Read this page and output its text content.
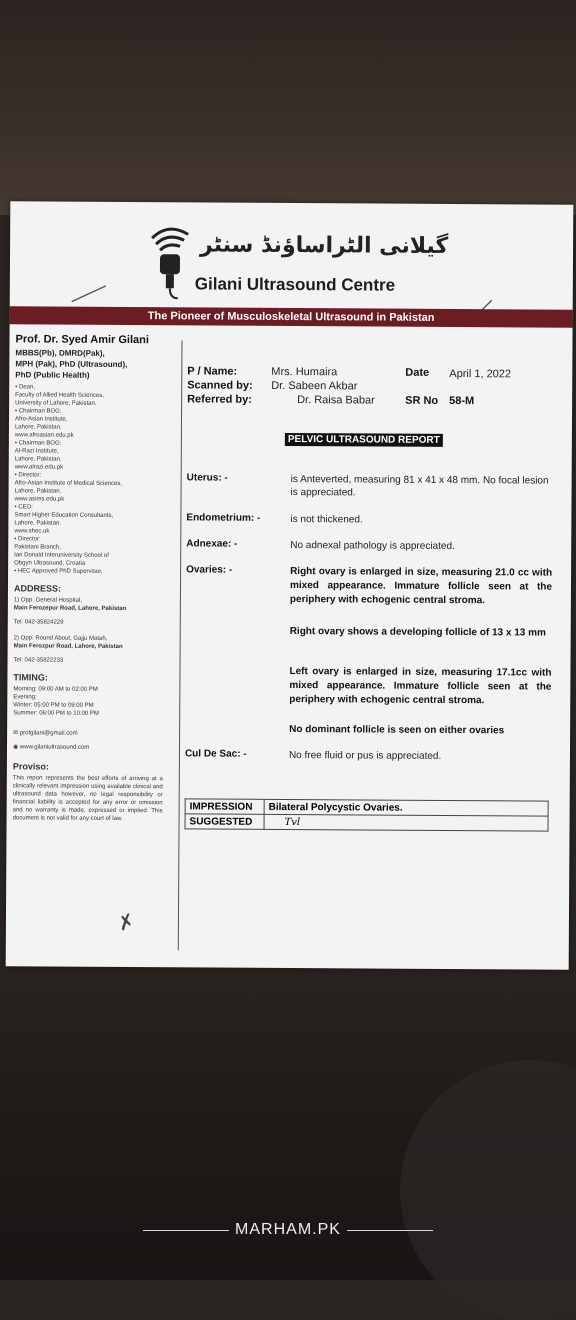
گیلانی الٹراساؤنڈ سنٹر
Gilani Ultrasound Centre
The Pioneer of Musculoskeletal Ultrasound in Pakistan
Prof. Dr. Syed Amir Gilani
MBBS(Pb), DMRD(Pak),
MPH (Pak), PhD (Ultrasound),
PhD (Public Health)
• Dean,
Faculty of Allied Health Sciences,
University of Lahore, Pakistan.
• Chairman BOG:
Afro-Asian Institute,
Lahore, Pakistan.
www.afroasian.edu.pk
• Chairman BOG:
Al-Razi Institute,
Lahore, Pakistan.
www.alrazi.edu.pk
• Director:
Afro-Asian Institute of Medical Sciences,
Lahore, Pakistan.
www.asims.edu.pk
• CEO:
Smart Higher Education Consultants,
Lahore, Pakistan.
www.shec.uk
• Director:
Pakistani Branch,
Ian Donald Interuniversity School of
Obgyn Ultrasound, Croatia
• HEC Approved PhD Supervisor.
ADDRESS:
1) Opp. General Hospital,
Main Ferozepur Road, Lahore, Pakistan
Tel: 042-35824229
2) Opp. Round About, Gajju Matah,
Main Ferozpur Road, Lahore, Pakistan
Tel: 042-35822233
TIMING:
Morning: 09:00 AM to 02:00 PM
Evening:
Winter: 05:00 PM to 09:00 PM
Summer: 06:00 PM to 10:00 PM
✉ profgilani@gmail.com
◉ www.gilaniultrasound.com
Proviso:
This report represents the best efforts of arriving at a clinically relevant impression using available clinical and ultrasound data however, no legal responsibility or financial liability is accepted for any error or omission and no warranty is made, expressed or implied. This document is not valid for any court of law.
P / Name:	Mrs. Humaira
Scanned by: Dr. Sabeen Akbar
Referred by:	Dr. Raisa Babar
Date April 1, 2022
SR No 58-M
PELVIC ULTRASOUND REPORT
Uterus: -	is Anteverted, measuring 81 x 41 x 48 mm. No focal lesion is appreciated.
Endometrium: -	is not thickened.
Adnexae: -	No adnexal pathology is appreciated.
Ovaries: -	Right ovary is enlarged in size, measuring 21.0 cc with mixed appearance. Immature follicle seen at the periphery with echogenic central stroma.
Right ovary shows a developing follicle of 13 x 13 mm
Left ovary is enlarged in size, measuring 17.1cc with mixed appearance. Immature follicle seen at the periphery with echogenic central stroma.
No dominant follicle is seen on either ovaries
Cul De Sac: -	No free fluid or pus is appreciated.
IMPRESSION	Bilateral Polycystic Ovaries.
SUGGESTED	Tvl
✗
MARHAM.PK
